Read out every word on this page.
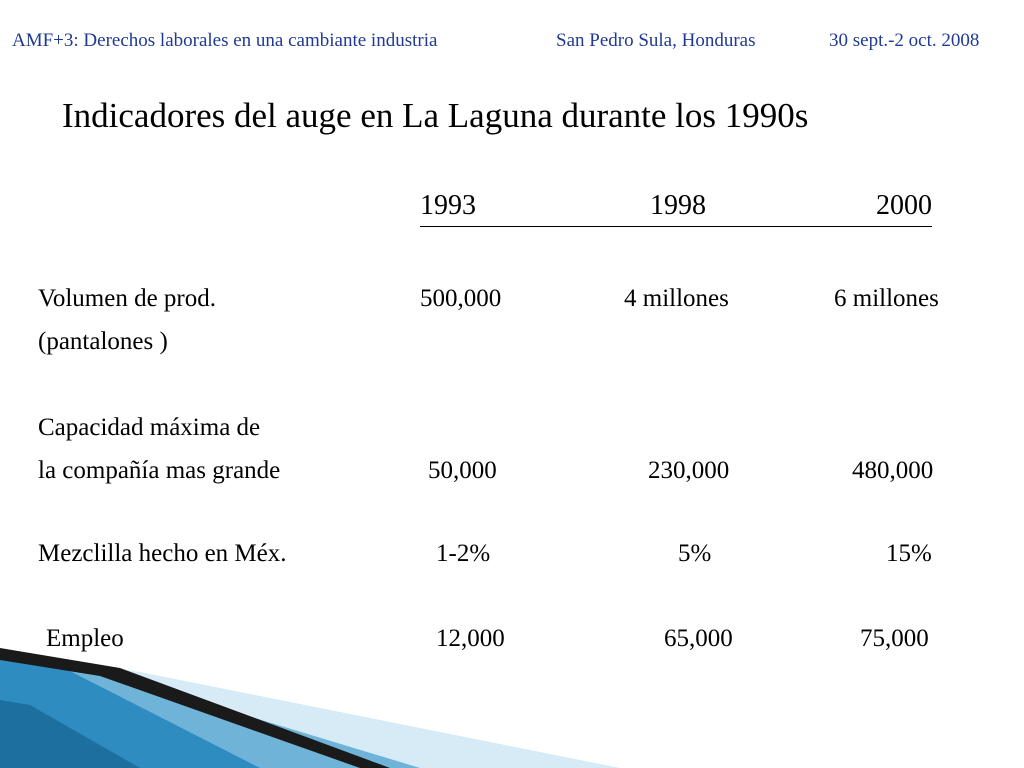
AMF+3: Derechos laborales en una cambiante industria	San Pedro Sula, Honduras	30 sept.-2 oct. 2008
Indicadores del auge en La Laguna durante los 1990s
1993	1998	2000
Volumen de prod.
(pantalones )
500,000	4 millones	6 millones
Capacidad máxima de
la compañía mas grande	50,000	230,000	480,000
Mezclilla hecho en Méx.	1-2%	5%	15%
Empleo	12,000	65,000	75,000
